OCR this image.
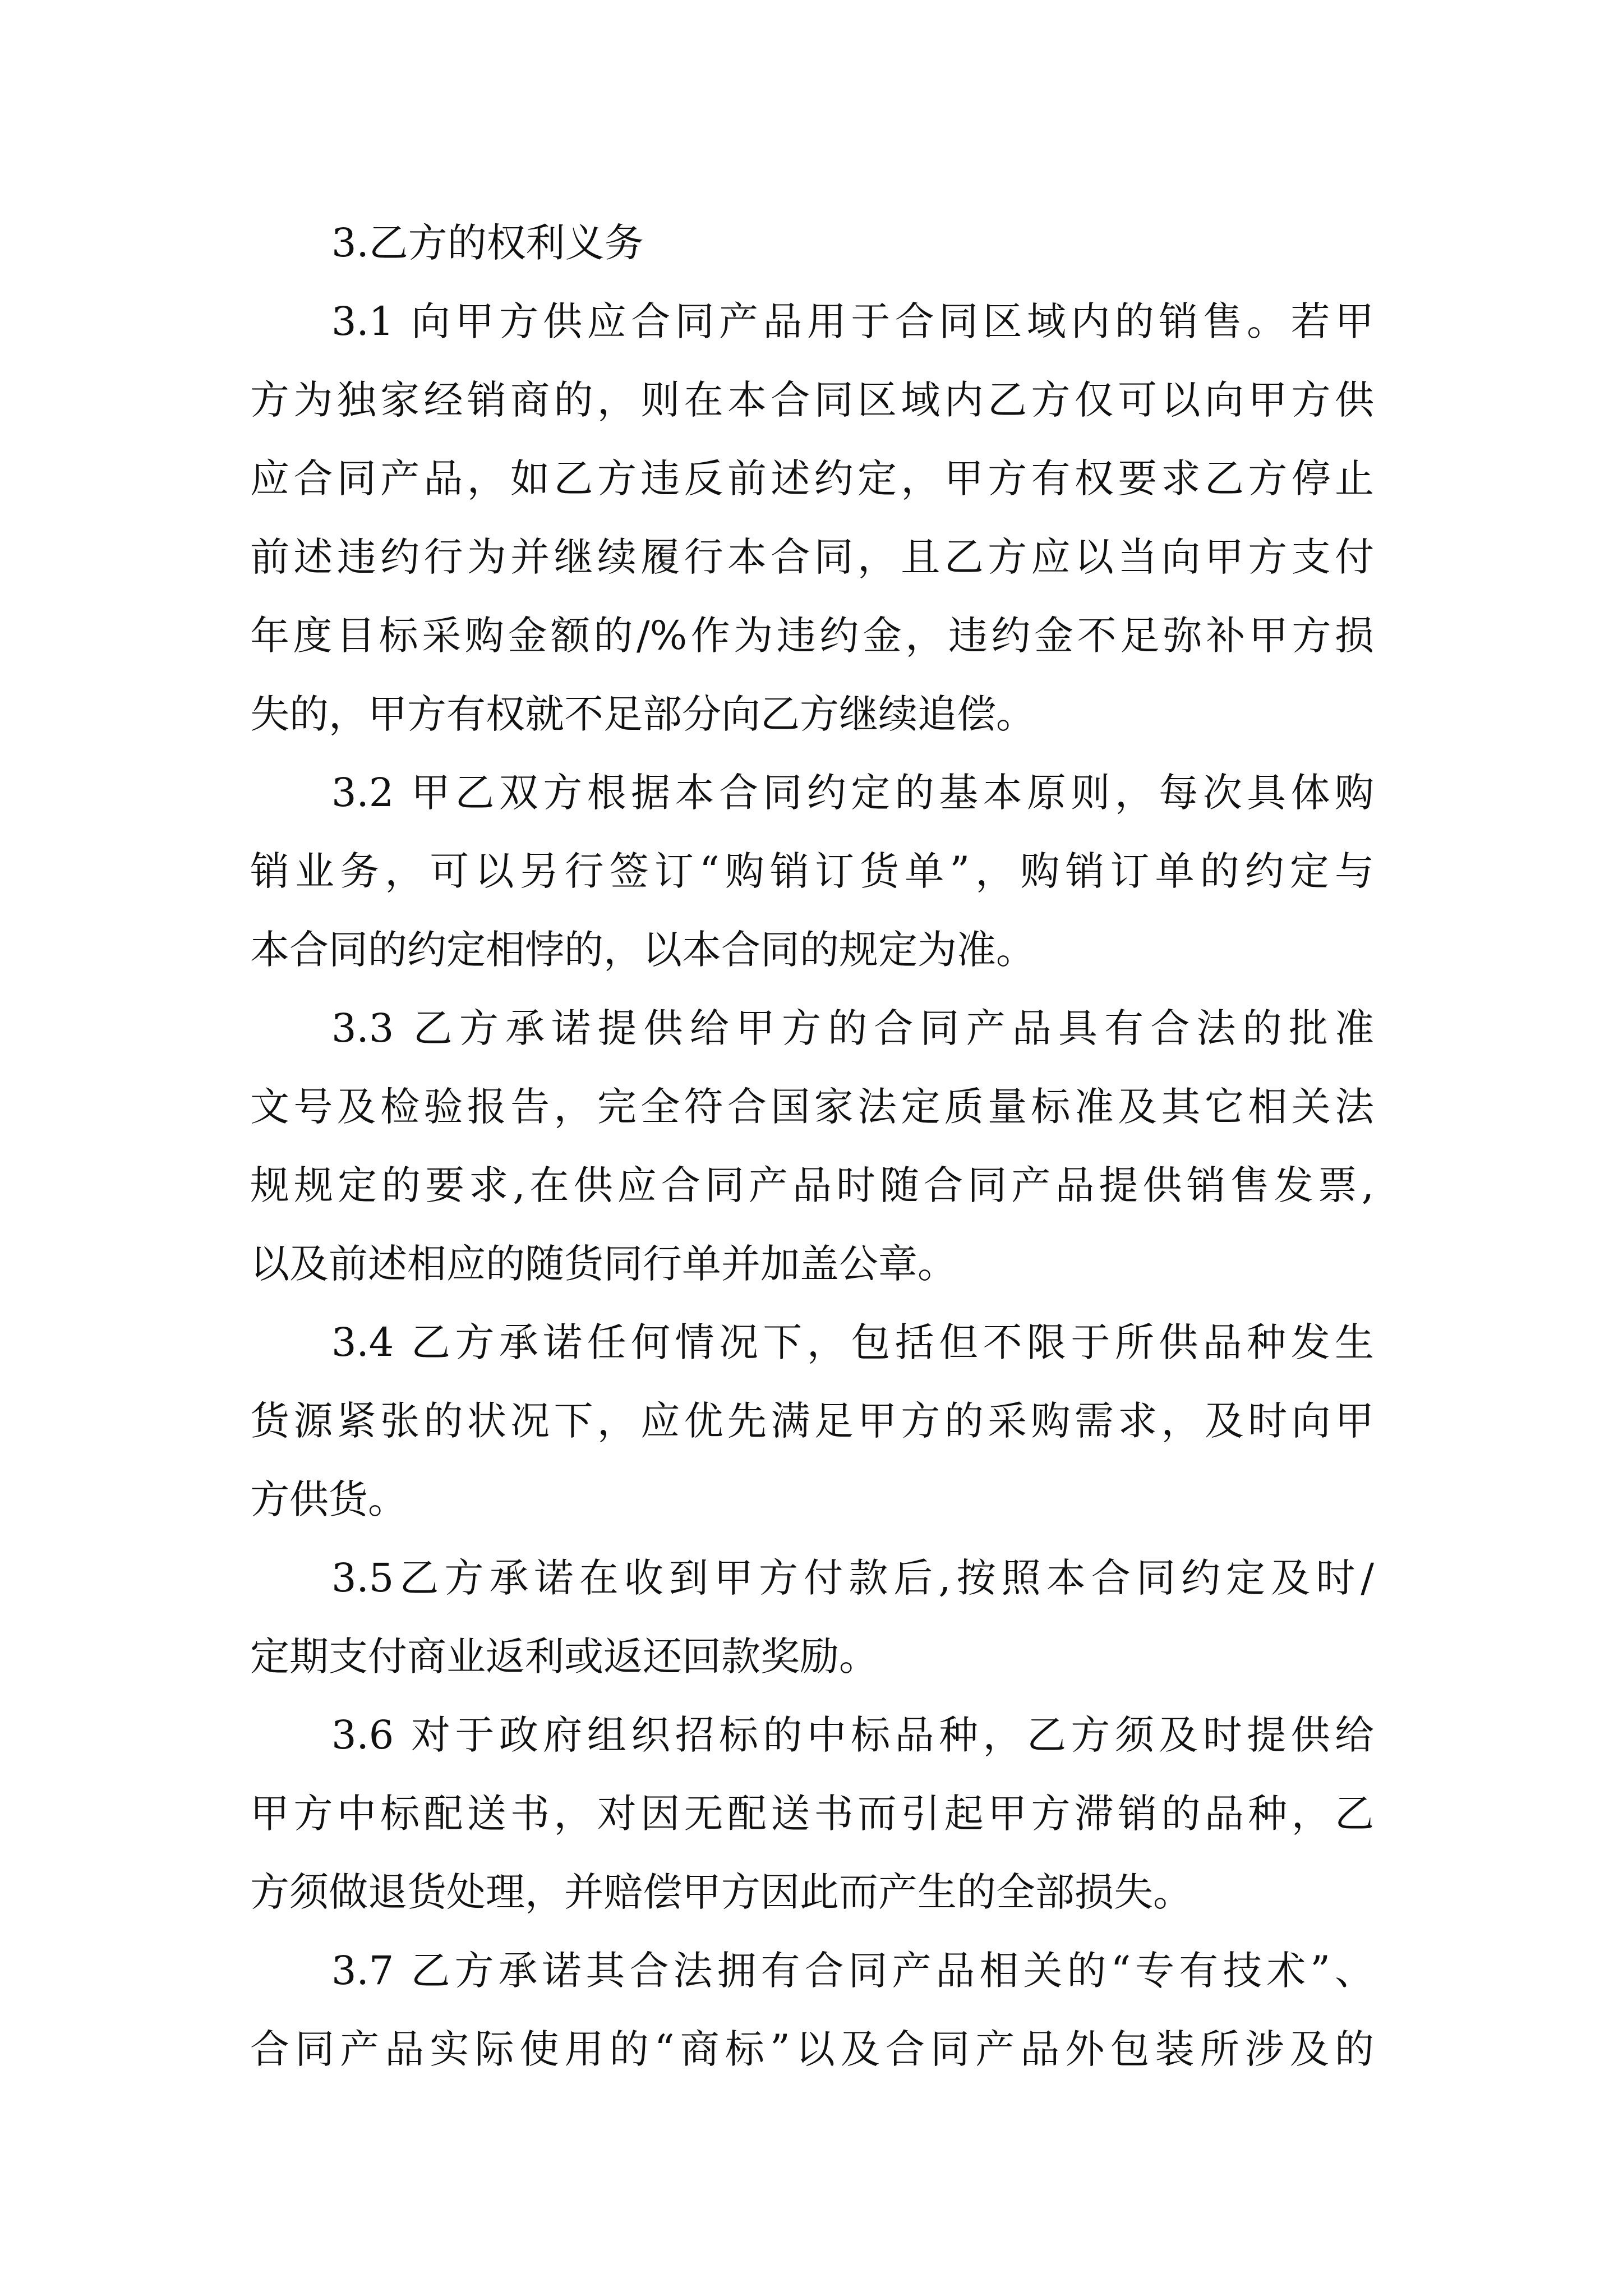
3.乙方的权利义务
3.1 向甲方供应合同产品用于合同区域内的销售。若甲
方为独家经销商的，则在本合同区域内乙方仅可以向甲方供
应合同产品，如乙方违反前述约定，甲方有权要求乙方停止
前述违约行为并继续履行本合同，且乙方应以当向甲方支付
年度目标采购金额的/%作为违约金，违约金不足弥补甲方损
失的，甲方有权就不足部分向乙方继续追偿。
3.2 甲乙双方根据本合同约定的基本原则，每次具体购
销业务，可以另行签订“购销订货单”，购销订单的约定与
本合同的约定相悖的，以本合同的规定为准。
3.3 乙方承诺提供给甲方的合同产品具有合法的批准
文号及检验报告，完全符合国家法定质量标准及其它相关法
规规定的要求,在供应合同产品时随合同产品提供销售发票,
以及前述相应的随货同行单并加盖公章。
3.4 乙方承诺任何情况下，包括但不限于所供品种发生
货源紧张的状况下，应优先满足甲方的采购需求，及时向甲
方供货。
3.5乙方承诺在收到甲方付款后,按照本合同约定及时/
定期支付商业返利或返还回款奖励。
3.6 对于政府组织招标的中标品种，乙方须及时提供给
甲方中标配送书，对因无配送书而引起甲方滞销的品种，乙
方须做退货处理，并赔偿甲方因此而产生的全部损失。
3.7 乙方承诺其合法拥有合同产品相关的“专有技术”、
合同产品实际使用的“商标”以及合同产品外包装所涉及的
